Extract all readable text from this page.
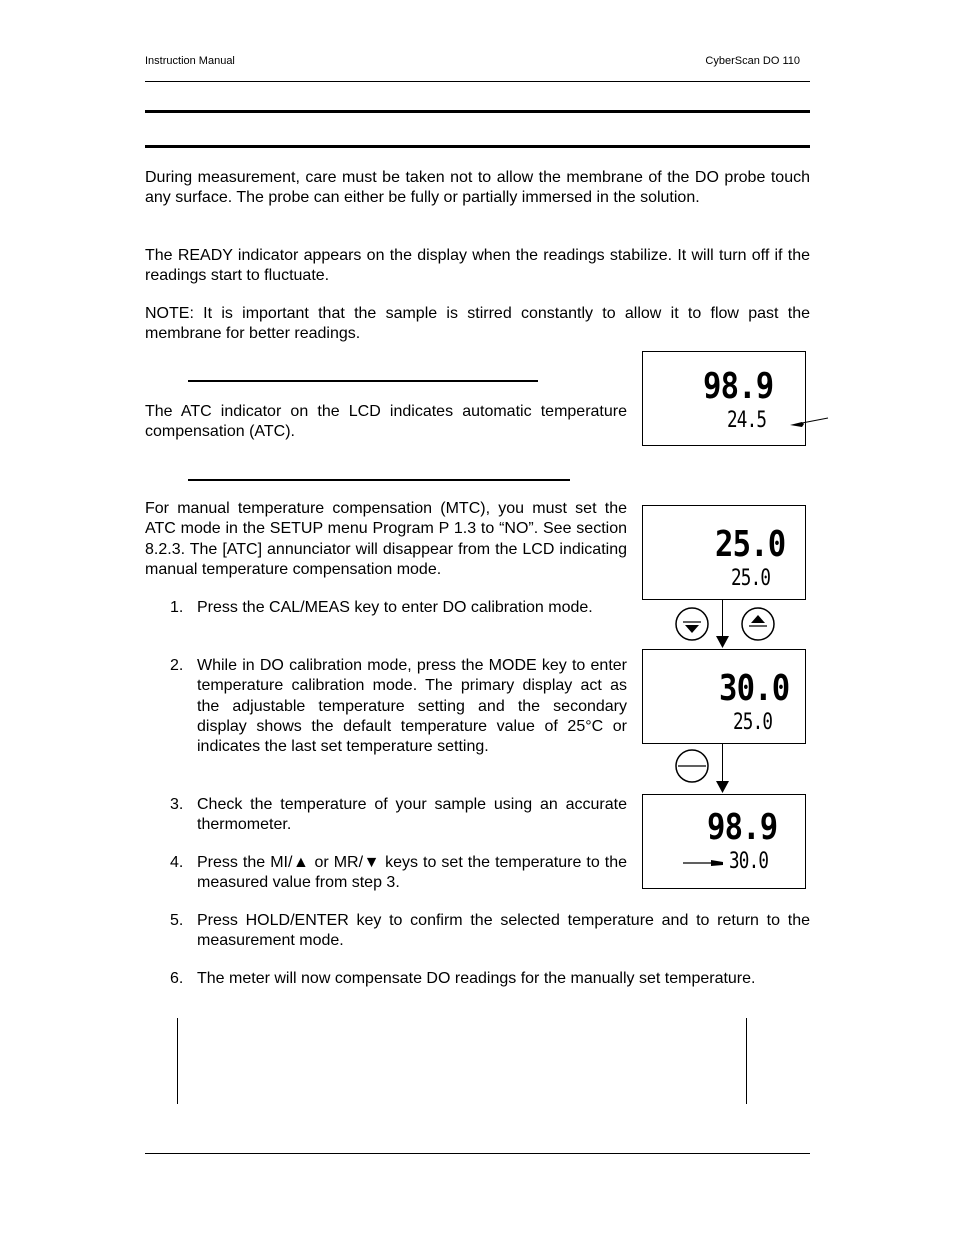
Instruction Manual	CyberScan DO 110

During measurement, care must be taken not to allow the membrane of the DO probe touch any surface. The probe can either be fully or partially immersed in the solution.

The READY indicator appears on the display when the readings stabilize. It will turn off if the readings start to fluctuate.

NOTE: It is important that the sample is stirred constantly to allow it to flow past the membrane for better readings.

The ATC indicator on the LCD indicates automatic temperature compensation (ATC).

98.9
24.5

For manual temperature compensation (MTC), you must set the ATC mode in the SETUP menu Program P 1.3 to “NO”. See section 8.2.3. The [ATC] annunciator will disappear from the LCD indicating manual temperature compensation mode.

1. Press the CAL/MEAS key to enter DO calibration mode.
2. While in DO calibration mode, press the MODE key to enter temperature calibration mode. The primary display act as the adjustable temperature setting and the secondary display shows the default temperature value of 25°C or indicates the last set temperature setting.
3. Check the temperature of your sample using an accurate thermometer.
4. Press the MI/▲ or MR/▼ keys to set the temperature to the measured value from step 3.
5. Press HOLD/ENTER key to confirm the selected temperature and to return to the measurement mode.
6. The meter will now compensate DO readings for the manually set temperature.
25.0
25.0
30.0
25.0
98.9
30.0
